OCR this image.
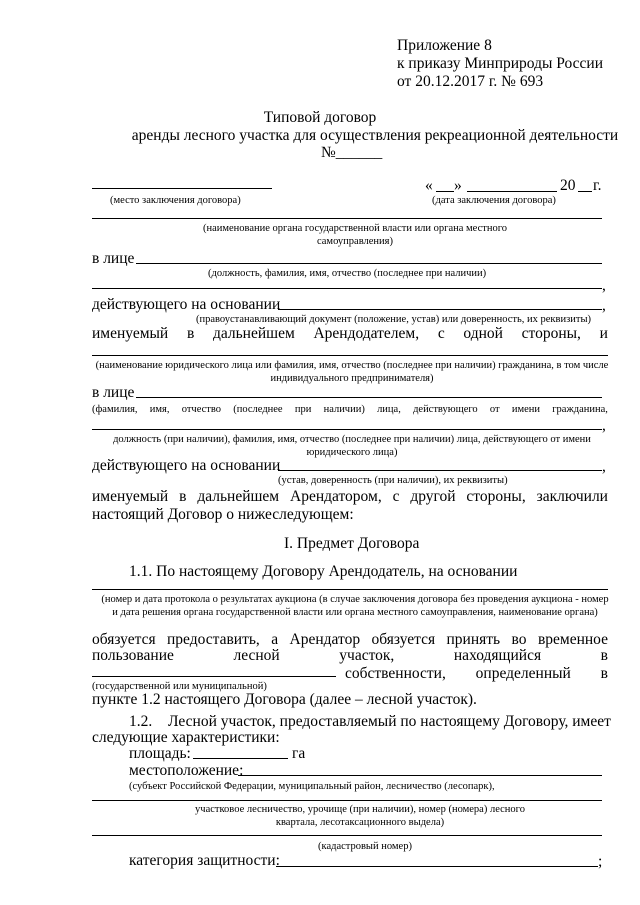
Приложение 8
к приказу Минприроды России
от 20.12.2017 г. № 693
Типовой договор
аренды лесного участка для осуществления рекреационной деятельности
№______
(место заключения договора)
« »	20 г.
(дата заключения договора)
(наименование органа государственной власти или органа местного самоуправления)
в лице
(должность, фамилия, имя, отчество (последнее при наличии)
,
действующего на основании	,
(правоустанавливающий документ (положение, устав) или доверенность, их реквизиты)
именуемый в дальнейшем Арендодателем, с одной стороны, и
(наименование юридического лица или фамилия, имя, отчество (последнее при наличии) гражданина, в том числе индивидуального предпринимателя)
в лице
(фамилия, имя, отчество (последнее при наличии) лица, действующего от имени гражданина,
,
должность (при наличии), фамилия, имя, отчество (последнее при наличии) лица, действующего от имени юридического лица)
действующего на основании	,
(устав, доверенность (при наличии), их реквизиты)
именуемый в дальнейшем Арендатором, с другой стороны, заключили
настоящий Договор о нижеследующем:
I. Предмет Договора
1.1. По настоящему Договору Арендодатель, на основании
(номер и дата протокола о результатах аукциона (в случае заключения договора без проведения аукциона - номер и дата решения органа государственной власти или органа местного самоуправления, наименование органа)
обязуется предоставить, а Арендатор обязуется принять во временное
пользование	лесной	участок,	находящийся	в
собственности, определенный в
(государственной или муниципальной)
пункте 1.2 настоящего Договора (далее – лесной участок).
1.2. Лесной участок, предоставляемый по настоящему Договору, имеет
следующие характеристики:
площадь:	га
местоположение:
(субъект Российской Федерации, муниципальный район, лесничество (лесопарк),
участковое лесничество, урочище (при наличии), номер (номера) лесного квартала, лесотаксационного выдела)
(кадастровый номер)
категория защитности:	;
